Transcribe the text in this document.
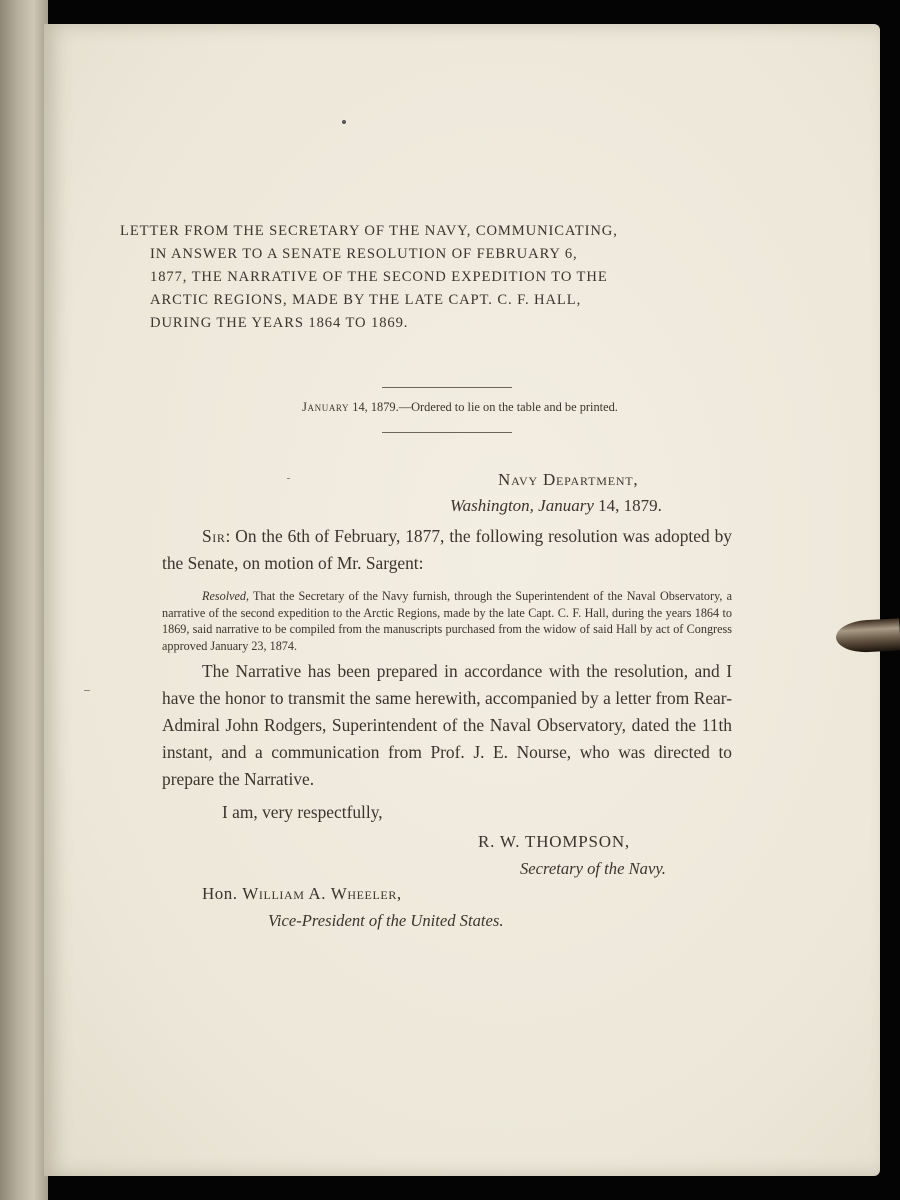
LETTER FROM THE SECRETARY OF THE NAVY, COMMUNICATING,
IN ANSWER TO A SENATE RESOLUTION OF FEBRUARY 6,
1877, THE NARRATIVE OF THE SECOND EXPEDITION TO THE
ARCTIC REGIONS, MADE BY THE LATE CAPT. C. F. HALL,
DURING THE YEARS 1864 TO 1869.
January 14, 1879.—Ordered to lie on the table and be printed.
Navy Department,
Washington, January 14, 1879.
Sir: On the 6th of February, 1877, the following resolution was adopted by the Senate, on motion of Mr. Sargent:
Resolved, That the Secretary of the Navy furnish, through the Superintendent of the Naval Observatory, a narrative of the second expedition to the Arctic Regions, made by the late Capt. C. F. Hall, during the years 1864 to 1869, said narrative to be compiled from the manuscripts purchased from the widow of said Hall by act of Congress approved January 23, 1874.
The Narrative has been prepared in accordance with the resolution, and I have the honor to transmit the same herewith, accompanied by a letter from Rear-Admiral John Rodgers, Superintendent of the Naval Observatory, dated the 11th instant, and a communication from Prof. J. E. Nourse, who was directed to prepare the Narrative.
I am, very respectfully,
R. W. THOMPSON,
Secretary of the Navy.
Hon. William A. Wheeler,
Vice-President of the United States.
